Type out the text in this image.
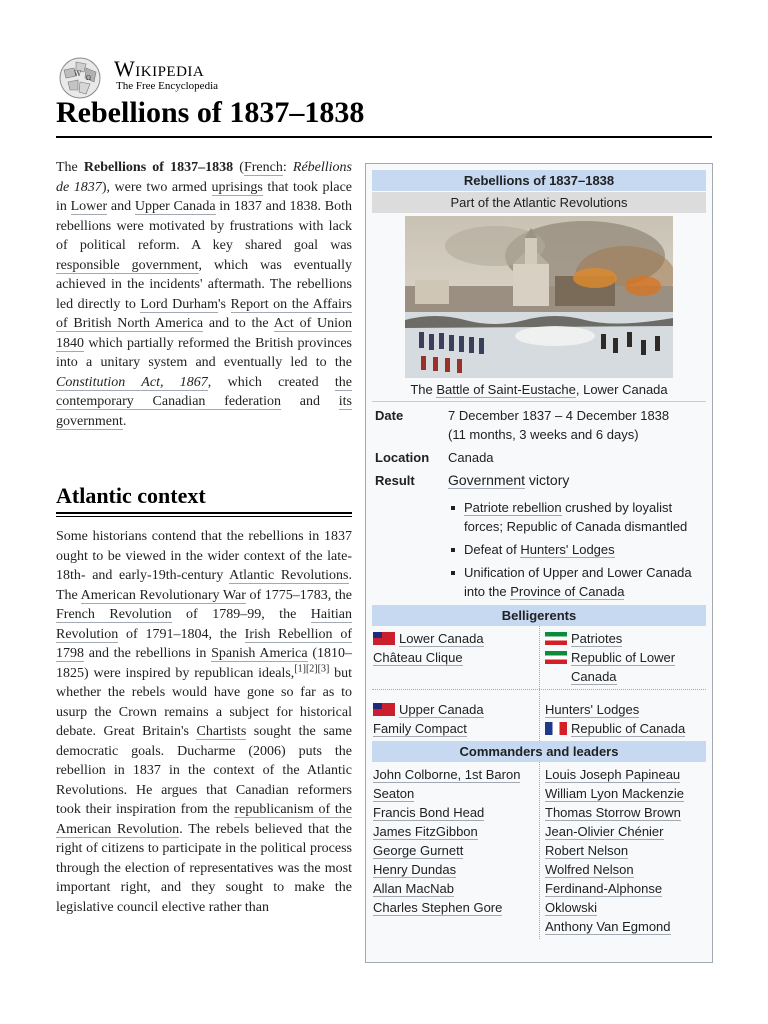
W
Ω Wikipedia
The Free Encyclopedia
Rebellions of 1837–1838

The Rebellions of 1837–1838 (French: Rébellions de 1837), were two armed uprisings that took place in Lower and Upper Canada in 1837 and 1838. Both rebellions were motivated by frustrations with lack of political reform. A key shared goal was responsible government, which was eventually achieved in the incidents' aftermath. The rebellions led directly to Lord Durham's Report on the Affairs of British North America and to the Act of Union 1840 which partially reformed the British provinces into a unitary system and eventually led to the Constitution Act, 1867, which created the contemporary Canadian federation and its government.

Atlantic context

Some historians contend that the rebellions in 1837 ought to be viewed in the wider context of the late-18th- and early-19th-century Atlantic Revolutions. The American Revolutionary War of 1775–1783, the French Revolution of 1789–99, the Haitian Revolution of 1791–1804, the Irish Rebellion of 1798 and the rebellions in Spanish America (1810–1825) were inspired by republican ideals,[1][2][3] but whether the rebels would have gone so far as to usurp the Crown remains a subject for historical debate. Great Britain's Chartists sought the same democratic goals. Ducharme (2006) puts the rebellion in 1837 in the context of the Atlantic Revolutions. He argues that Canadian reformers took their inspiration from the republicanism of the American Revolution. The rebels believed that the right of citizens to participate in the political process through the election of representatives was the most important right, and they sought to make the legislative council elective rather than

Rebellions of 1837–1838
Part of the Atlantic Revolutions
The Battle of Saint-Eustache, Lower Canada
Date	7 December 1837 – 4 December 1838
(11 months, 3 weeks and 6 days)
Location Canada
Result Government victory
Patriote rebellion crushed by loyalist forces; Republic of Canada dismantled
Defeat of Hunters' Lodges
Unification of Upper and Lower Canada into the Province of Canada
Belligerents
Lower Canada
Château Clique
Patriotes
Republic of Lower Canada
Upper Canada
Family Compact
Hunters' Lodges
Republic of Canada
Commanders and leaders
John Colborne, 1st Baron Seaton
Francis Bond Head
James FitzGibbon
George Gurnett
Henry Dundas
Allan MacNab
Charles Stephen Gore
Louis Joseph Papineau
William Lyon Mackenzie
Thomas Storrow Brown
Jean-Olivier Chénier
Robert Nelson
Wolfred Nelson
Ferdinand-Alphonse Oklowski
Anthony Van Egmond
